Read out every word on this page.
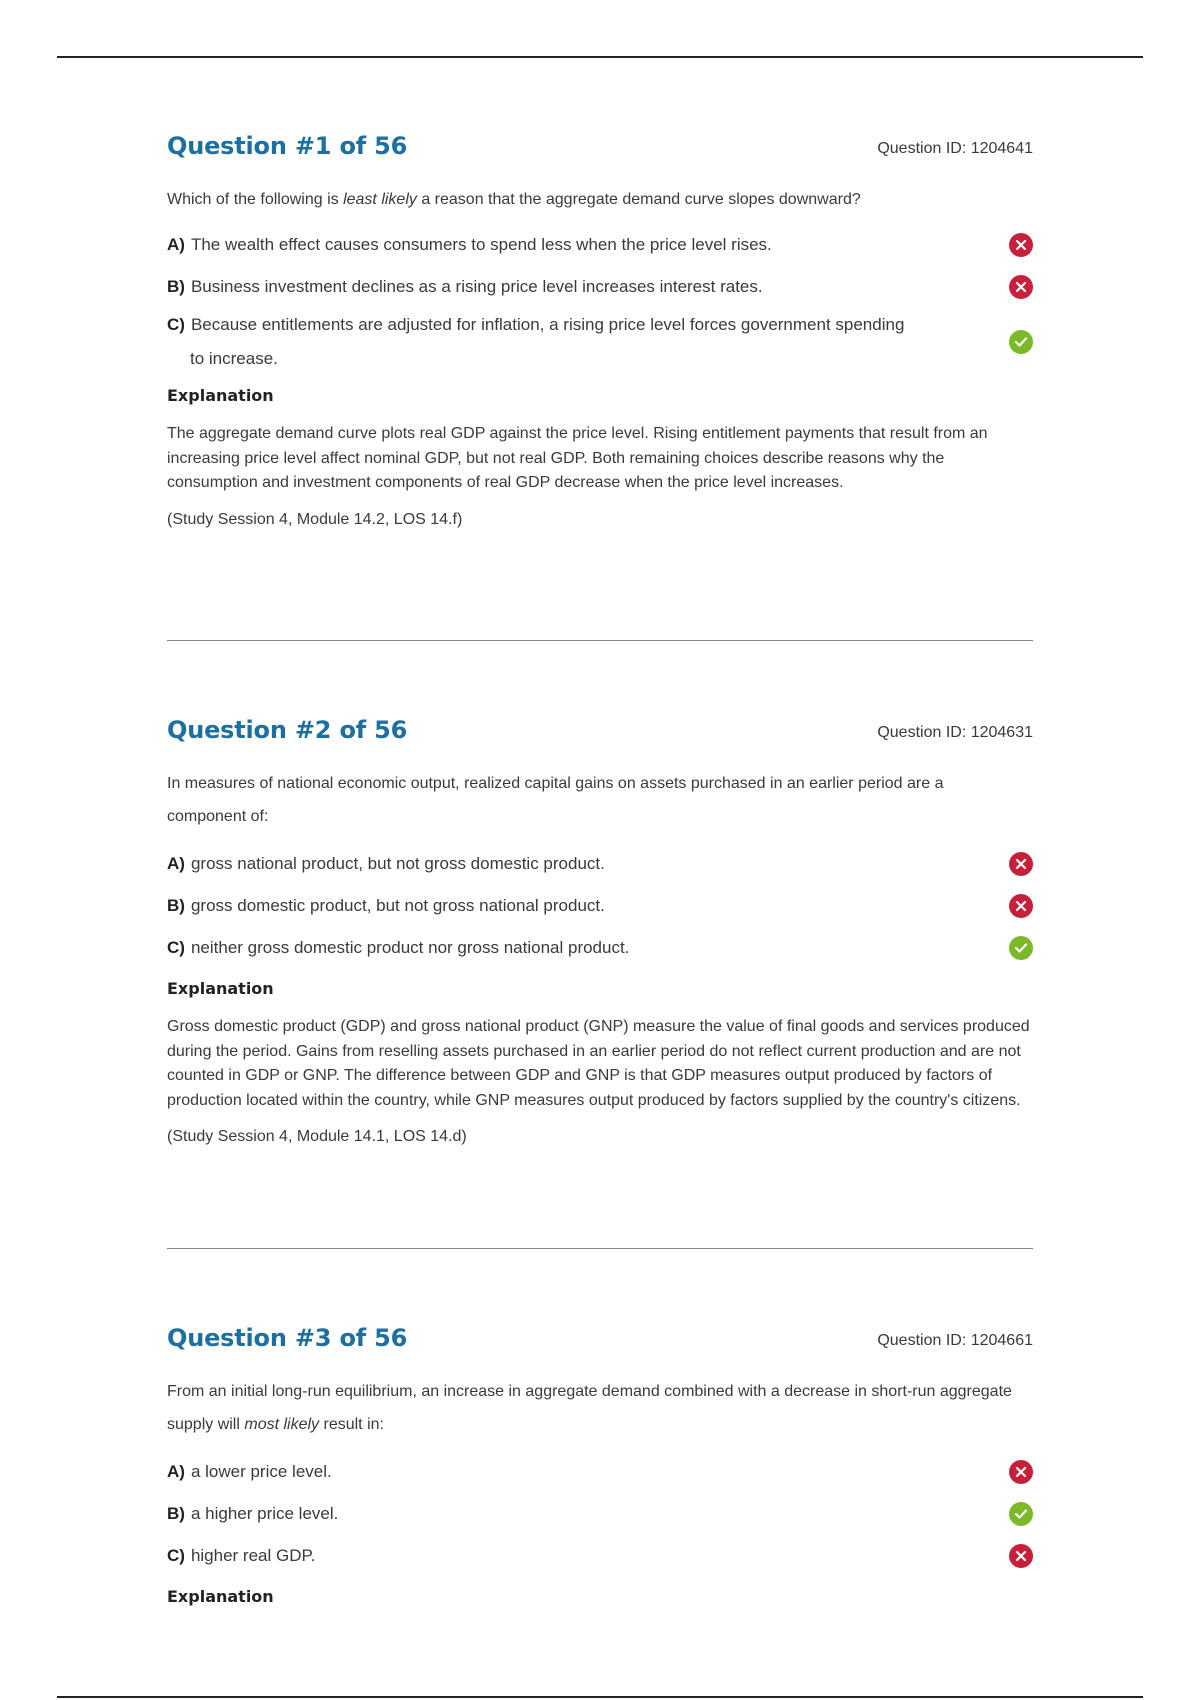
Question #1 of 56	Question ID: 1204641
Which of the following is least likely a reason that the aggregate demand curve slopes downward?
A) The wealth effect causes consumers to spend less when the price level rises.
B) Business investment declines as a rising price level increases interest rates.
C) Because entitlements are adjusted for inflation, a rising price level forces government spending
to increase.
Explanation
The aggregate demand curve plots real GDP against the price level. Rising entitlement payments that result from an increasing price level affect nominal GDP, but not real GDP. Both remaining choices describe reasons why the consumption and investment components of real GDP decrease when the price level increases.
(Study Session 4, Module 14.2, LOS 14.f)
Question #2 of 56	Question ID: 1204631
In measures of national economic output, realized capital gains on assets purchased in an earlier period are a component of:
A) gross national product, but not gross domestic product.
B) gross domestic product, but not gross national product.
C) neither gross domestic product nor gross national product.
Explanation
Gross domestic product (GDP) and gross national product (GNP) measure the value of final goods and services produced during the period. Gains from reselling assets purchased in an earlier period do not reflect current production and are not counted in GDP or GNP. The difference between GDP and GNP is that GDP measures output produced by factors of production located within the country, while GNP measures output produced by factors supplied by the country's citizens.
(Study Session 4, Module 14.1, LOS 14.d)
Question #3 of 56	Question ID: 1204661
From an initial long-run equilibrium, an increase in aggregate demand combined with a decrease in short-run aggregate supply will most likely result in:
A) a lower price level.
B) a higher price level.
C) higher real GDP.
Explanation
